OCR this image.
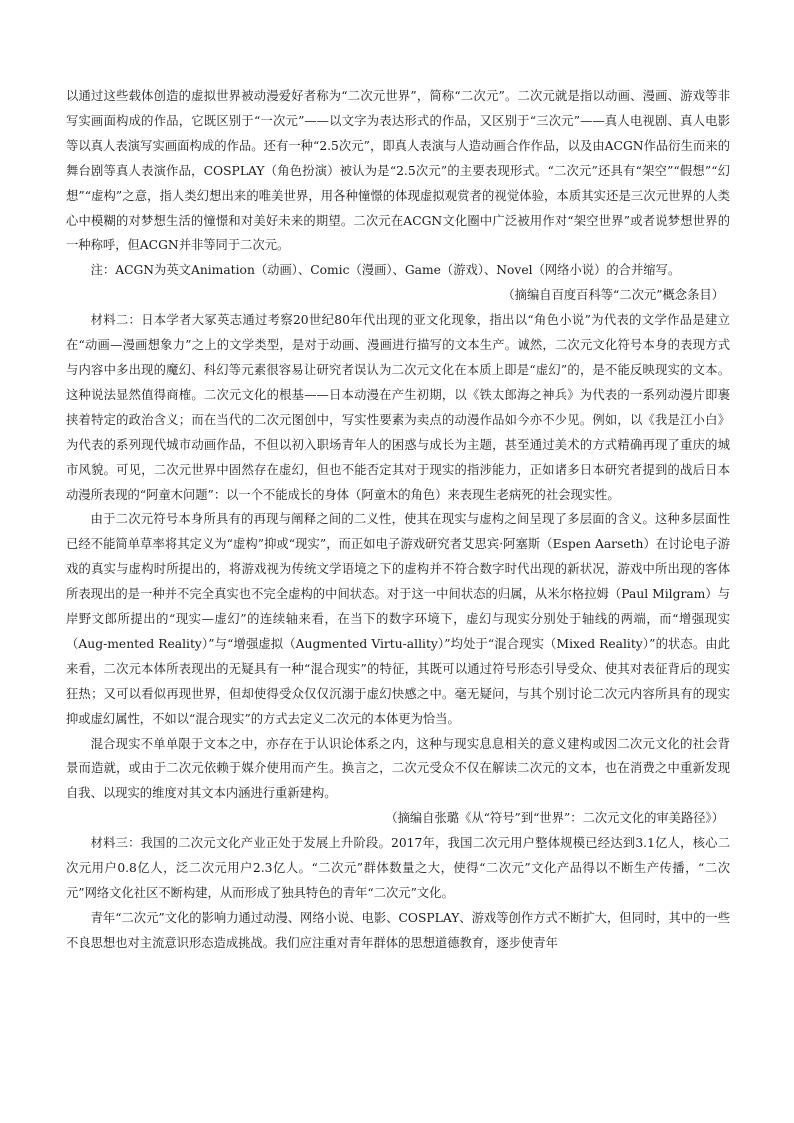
以通过这些载体创造的虚拟世界被动漫爱好者称为“二次元世界”，简称“二次元”。二次元就是指以动画、漫画、游戏等非写实画面构成的作品，它既区别于“一次元”——以文字为表达形式的作品，又区别于“三次元”——真人电视剧、真人电影等以真人表演写实画面构成的作品。还有一种“2.5次元”，即真人表演与人造动画合作作品，以及由ACGN作品衍生而来的舞台剧等真人表演作品，COSPLAY（角色扮演）被认为是“2.5次元”的主要表现形式。“二次元”还具有“架空”“假想”“幻想”“虚构”之意，指人类幻想出来的唯美世界，用各种憧憬的体现虚拟观赏者的视觉体验，本质其实还是三次元世界的人类心中模糊的对梦想生活的憧憬和对美好未来的期望。二次元在ACGN文化圈中广泛被用作对“架空世界”或者说梦想世界的一种称呼，但ACGN并非等同于二次元。

注：ACGN为英文Animation（动画）、Comic（漫画）、Game（游戏）、Novel（网络小说）的合并缩写。

（摘编自百度百科等“二次元”概念条目）

材料二：日本学者大冢英志通过考察20世纪80年代出现的亚文化现象，指出以“角色小说”为代表的文学作品是建立在“动画—漫画想象力”之上的文学类型，是对于动画、漫画进行描写的文本生产。诚然，二次元文化符号本身的表现方式与内容中多出现的魔幻、科幻等元素很容易让研究者误认为二次元文化在本质上即是“虚幻”的，是不能反映现实的文本。这种说法显然值得商榷。二次元文化的根基——日本动漫在产生初期，以《铁太郎海之神兵》为代表的一系列动漫片即裹挟着特定的政治含义；而在当代的二次元图创中，写实性要素为卖点的动漫作品如今亦不少见。例如，以《我是江小白》为代表的系列现代城市动画作品，不但以初入职场青年人的困惑与成长为主题，甚至通过美术的方式精确再现了重庆的城市风貌。可见，二次元世界中固然存在虚幻，但也不能否定其对于现实的指涉能力，正如诸多日本研究者提到的战后日本动漫所表现的“阿童木问题”：以一个不能成长的身体（阿童木的角色）来表现生老病死的社会现实性。

由于二次元符号本身所具有的再现与阐释之间的二义性，使其在现实与虚构之间呈现了多层面的含义。这种多层面性已经不能简单草率将其定义为“虚构”抑或“现实”，而正如电子游戏研究者艾思宾·阿塞斯（Espen Aarseth）在讨论电子游戏的真实与虚构时所提出的，将游戏视为传统文学语境之下的虚构并不符合数字时代出现的新状况，游戏中所出现的客体所表现出的是一种并不完全真实也不完全虚构的中间状态。对于这一中间状态的归属，从米尔格拉姆（Paul Milgram）与岸野文郎所提出的“现实—虚幻”的连续轴来看，在当下的数字环境下，虚幻与现实分别处于轴线的两端，而“增强现实（Aug-mented Reality）”与“增强虚拟（Augmented Virtu-allity）”均处于“混合现实（Mixed Reality）”的状态。由此来看，二次元本体所表现出的无疑具有一种“混合现实”的特征，其既可以通过符号形态引导受众、使其对表征背后的现实狂热；又可以看似再现世界，但却使得受众仅仅沉溺于虚幻快感之中。毫无疑问，与其个别讨论二次元内容所具有的现实抑或虚幻属性，不如以“混合现实”的方式去定义二次元的本体更为恰当。

混合现实不单单限于文本之中，亦存在于认识论体系之内，这种与现实息息相关的意义建构或因二次元文化的社会背景而造就，或由于二次元依赖于媒介使用而产生。换言之，二次元受众不仅在解读二次元的文本，也在消费之中重新发现自我、以现实的维度对其文本内涵进行重新建构。

（摘编自张璐《从“符号”到“世界”：二次元文化的审美路径》）

材料三：我国的二次元文化产业正处于发展上升阶段。2017年，我国二次元用户整体规模已经达到3.1亿人，核心二次元用户0.8亿人，泛二次元用户2.3亿人。“二次元”群体数量之大，使得“二次元”文化产品得以不断生产传播，“二次元”网络文化社区不断构建，从而形成了独具特色的青年“二次元”文化。

青年“二次元”文化的影响力通过动漫、网络小说、电影、COSPLAY、游戏等创作方式不断扩大，但同时，其中的一些不良思想也对主流意识形态造成挑战。我们应注重对青年群体的思想道德教育，逐步使青年
